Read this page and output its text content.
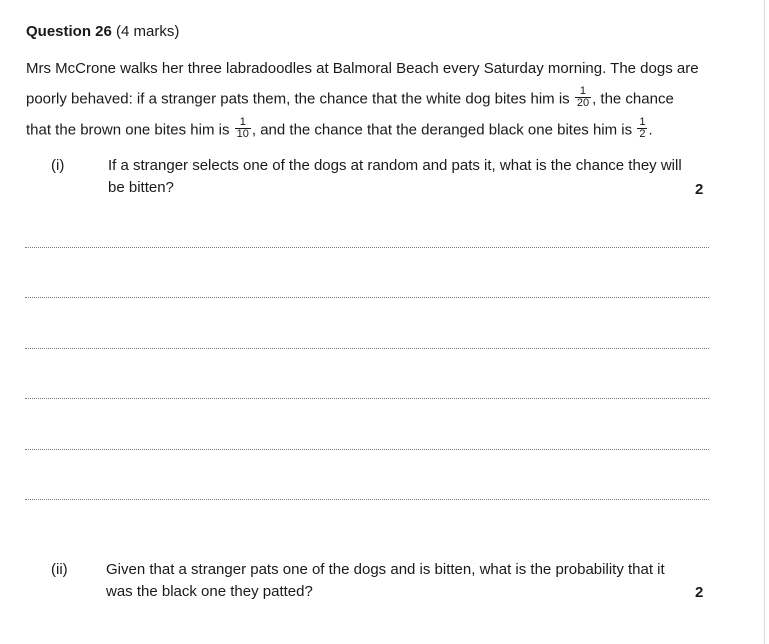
Question 26 (4 marks)
Mrs McCrone walks her three labradoodles at Balmoral Beach every Saturday morning. The dogs are
poorly behaved: if a stranger pats them, the chance that the white dog bites him is $\frac{1}{20}$ , the chance
that the brown one bites him is $\frac{1}{10}$ , and the chance that the deranged black one bites him is $\frac{1}{2}$ .
(i)	If a stranger selects one of the dogs at random and pats it, what is the chance they will
be bitten?	2
(ii)	Given that a stranger pats one of the dogs and is bitten, what is the probability that it
was the black one they patted?	2
